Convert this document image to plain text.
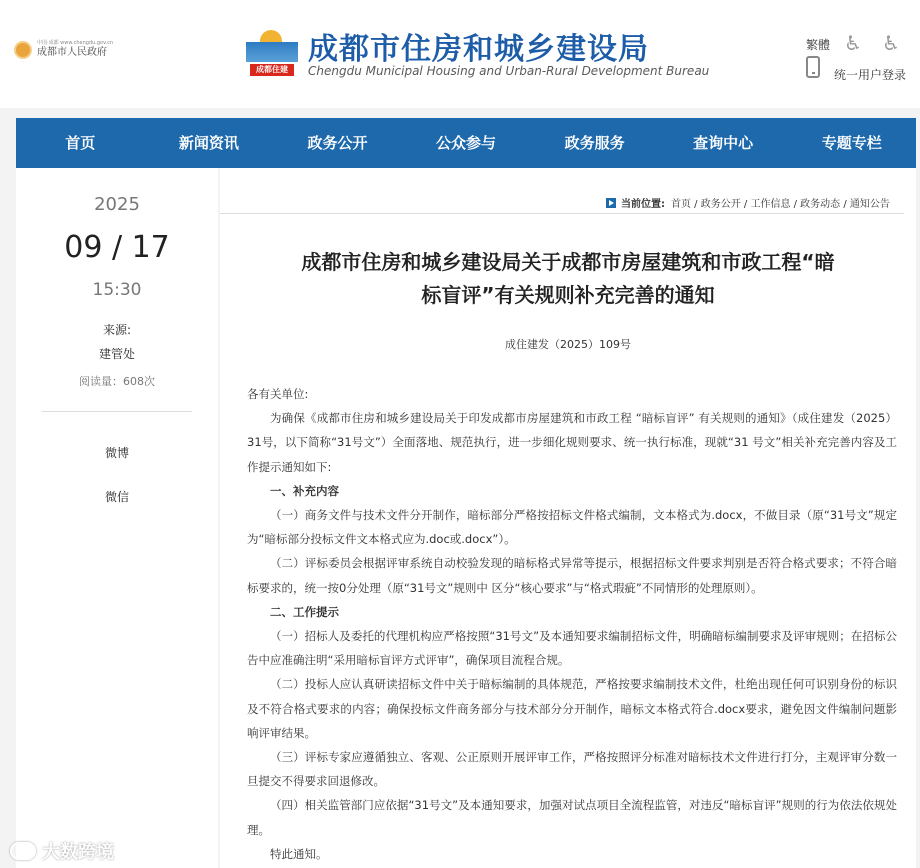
中国·成都 www.chengdu.gov.cn
成都市人民政府
成都住建
成都市住房和城乡建设局
Chengdu Municipal Housing and Urban-Rural Development Bureau
繁體 ♿ ♿
统一用户登录
首页	新闻资讯	政务公开	公众参与	政务服务	查询中心	专题专栏
2025
09 / 17
15:30
来源:
建管处
阅读量：608次
微博
微信
当前位置: 首页 / 政务公开 / 工作信息 / 政务动态 / 通知公告
成都市住房和城乡建设局关于成都市房屋建筑和市政工程“暗
标盲评”有关规则补充完善的通知
成住建发（2025）109号

各有关单位:

为确保《成都市住房和城乡建设局关于印发成都市房屋建筑和市政工程 “暗标盲评” 有关规则的通知》（成住建发（2025）31号，以下简称“31号文”）全面落地、规范执行，进一步细化规则要求、统一执行标准，现就“31 号文”相关补充完善内容及工作提示通知如下:

一、补充内容

（一）商务文件与技术文件分开制作，暗标部分严格按招标文件格式编制，文本格式为.docx，不做目录（原“31号文”规定为“暗标部分投标文件文本格式应为.doc或.docx”）。

（二）评标委员会根据评审系统自动校验发现的暗标格式异常等提示，根据招标文件要求判别是否符合格式要求；不符合暗标要求的，统一按0分处理（原“31号文”规则中 区分“核心要求”与“格式瑕疵”不同情形的处理原则）。

二、工作提示

（一）招标人及委托的代理机构应严格按照“31号文”及本通知要求编制招标文件，明确暗标编制要求及评审规则；在招标公告中应准确注明“采用暗标盲评方式评审”，确保项目流程合规。

（二）投标人应认真研读招标文件中关于暗标编制的具体规范，严格按要求编制技术文件，杜绝出现任何可识别身份的标识及不符合格式要求的内容；确保投标文件商务部分与技术部分分开制作，暗标文本格式符合.docx要求，避免因文件编制问题影响评审结果。

（三）评标专家应遵循独立、客观、公正原则开展评审工作，严格按照评分标准对暗标技术文件进行打分，主观评审分数一旦提交不得要求回退修改。

（四）相关监管部门应依据“31号文”及本通知要求，加强对试点项目全流程监管，对违反“暗标盲评”规则的行为依法依规处理。

特此通知。

大数跨境
